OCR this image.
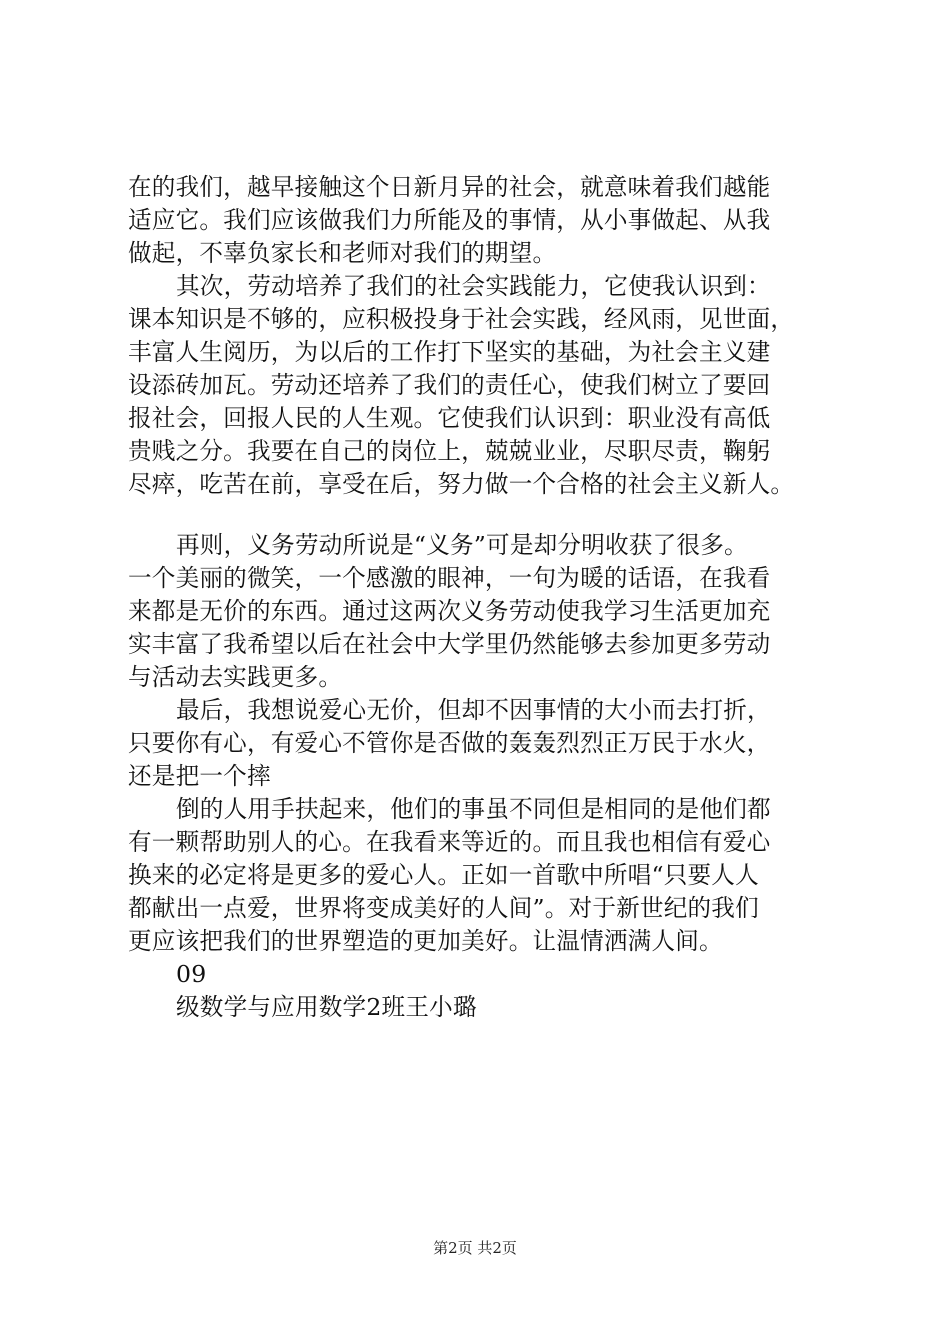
在的我们，越早接触这个日新月异的社会，就意味着我们越能
适应它。我们应该做我们力所能及的事情，从小事做起、从我
做起，不辜负家长和老师对我们的期望。
其次，劳动培养了我们的社会实践能力，它使我认识到：
课本知识是不够的，应积极投身于社会实践，经风雨，见世面，
丰富人生阅历，为以后的工作打下坚实的基础，为社会主义建
设添砖加瓦。劳动还培养了我们的责任心，使我们树立了要回
报社会，回报人民的人生观。它使我们认识到：职业没有高低
贵贱之分。我要在自己的岗位上，兢兢业业，尽职尽责，鞠躬
尽瘁，吃苦在前，享受在后，努力做一个合格的社会主义新人。
再则，义务劳动所说是“义务”可是却分明收获了很多。
一个美丽的微笑，一个感激的眼神，一句为暖的话语，在我看
来都是无价的东西。通过这两次义务劳动使我学习生活更加充
实丰富了我希望以后在社会中大学里仍然能够去参加更多劳动
与活动去实践更多。
最后，我想说爱心无价，但却不因事情的大小而去打折，
只要你有心，有爱心不管你是否做的轰轰烈烈正万民于水火，
还是把一个摔
倒的人用手扶起来，他们的事虽不同但是相同的是他们都
有一颗帮助别人的心。在我看来等近的。而且我也相信有爱心
换来的必定将是更多的爱心人。正如一首歌中所唱“只要人人
都献出一点爱，世界将变成美好的人间”。对于新世纪的我们
更应该把我们的世界塑造的更加美好。让温情洒满人间。
09
级数学与应用数学2班王小璐
第2页 共2页
